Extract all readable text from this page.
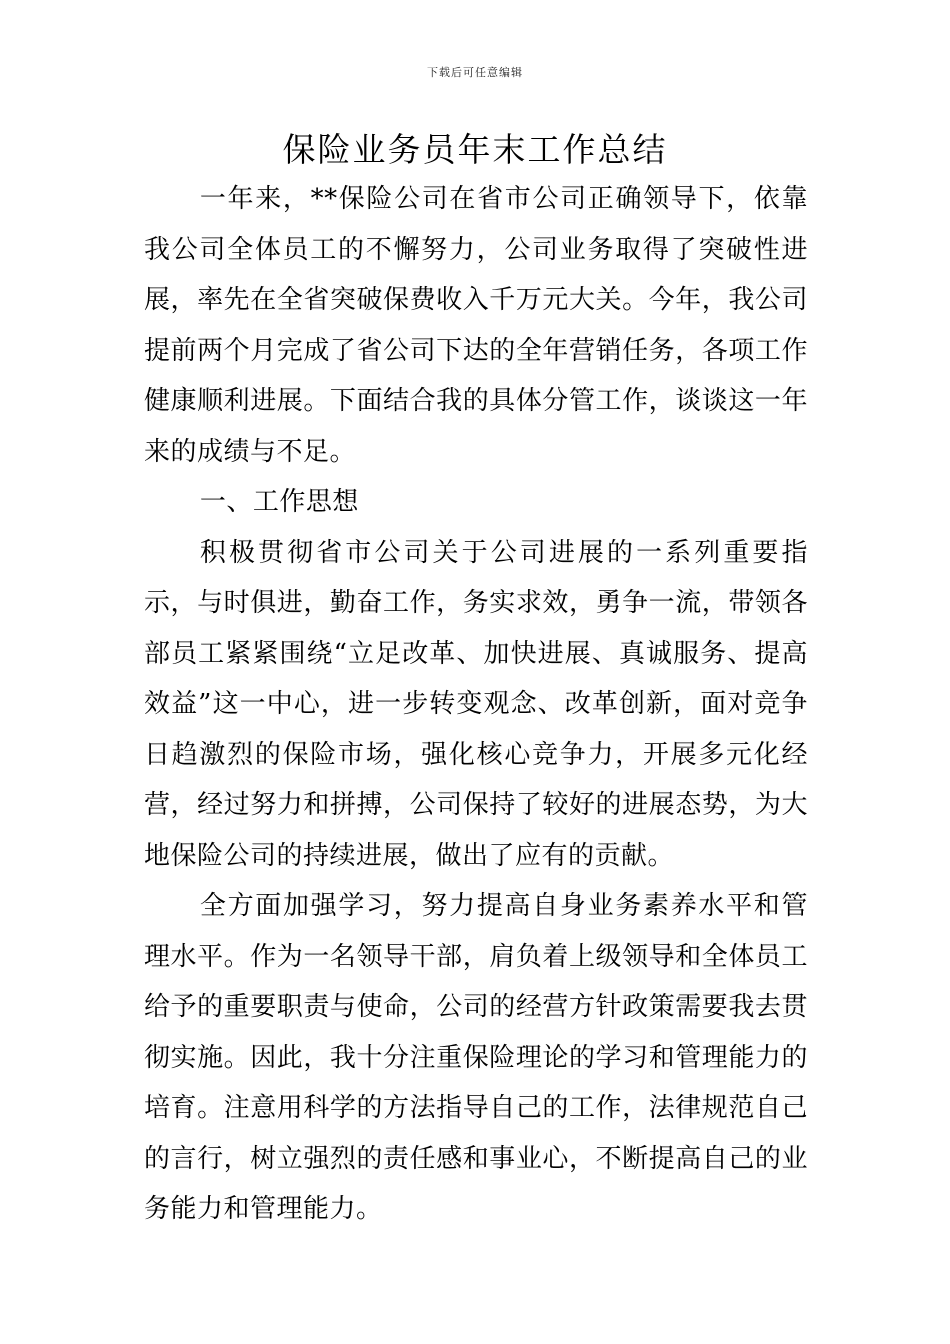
下载后可任意编辑
保险业务员年末工作总结

一年来，**保险公司在省市公司正确领导下，依靠我公司全体员工的不懈努力，公司业务取得了突破性进展，率先在全省突破保费收入千万元大关。今年，我公司提前两个月完成了省公司下达的全年营销任务，各项工作健康顺利进展。下面结合我的具体分管工作，谈谈这一年来的成绩与不足。

一、工作思想

积极贯彻省市公司关于公司进展的一系列重要指示，与时俱进，勤奋工作，务实求效，勇争一流，带领各部员工紧紧围绕“立足改革、加快进展、真诚服务、提高效益”这一中心，进一步转变观念、改革创新，面对竞争日趋激烈的保险市场，强化核心竞争力，开展多元化经营，经过努力和拼搏，公司保持了较好的进展态势，为大地保险公司的持续进展，做出了应有的贡献。

全方面加强学习，努力提高自身业务素养水平和管理水平。作为一名领导干部，肩负着上级领导和全体员工给予的重要职责与使命，公司的经营方针政策需要我去贯彻实施。因此，我十分注重保险理论的学习和管理能力的培育。注意用科学的方法指导自己的工作，法律规范自己的言行，树立强烈的责任感和事业心，不断提高自己的业务能力和管理能力。
